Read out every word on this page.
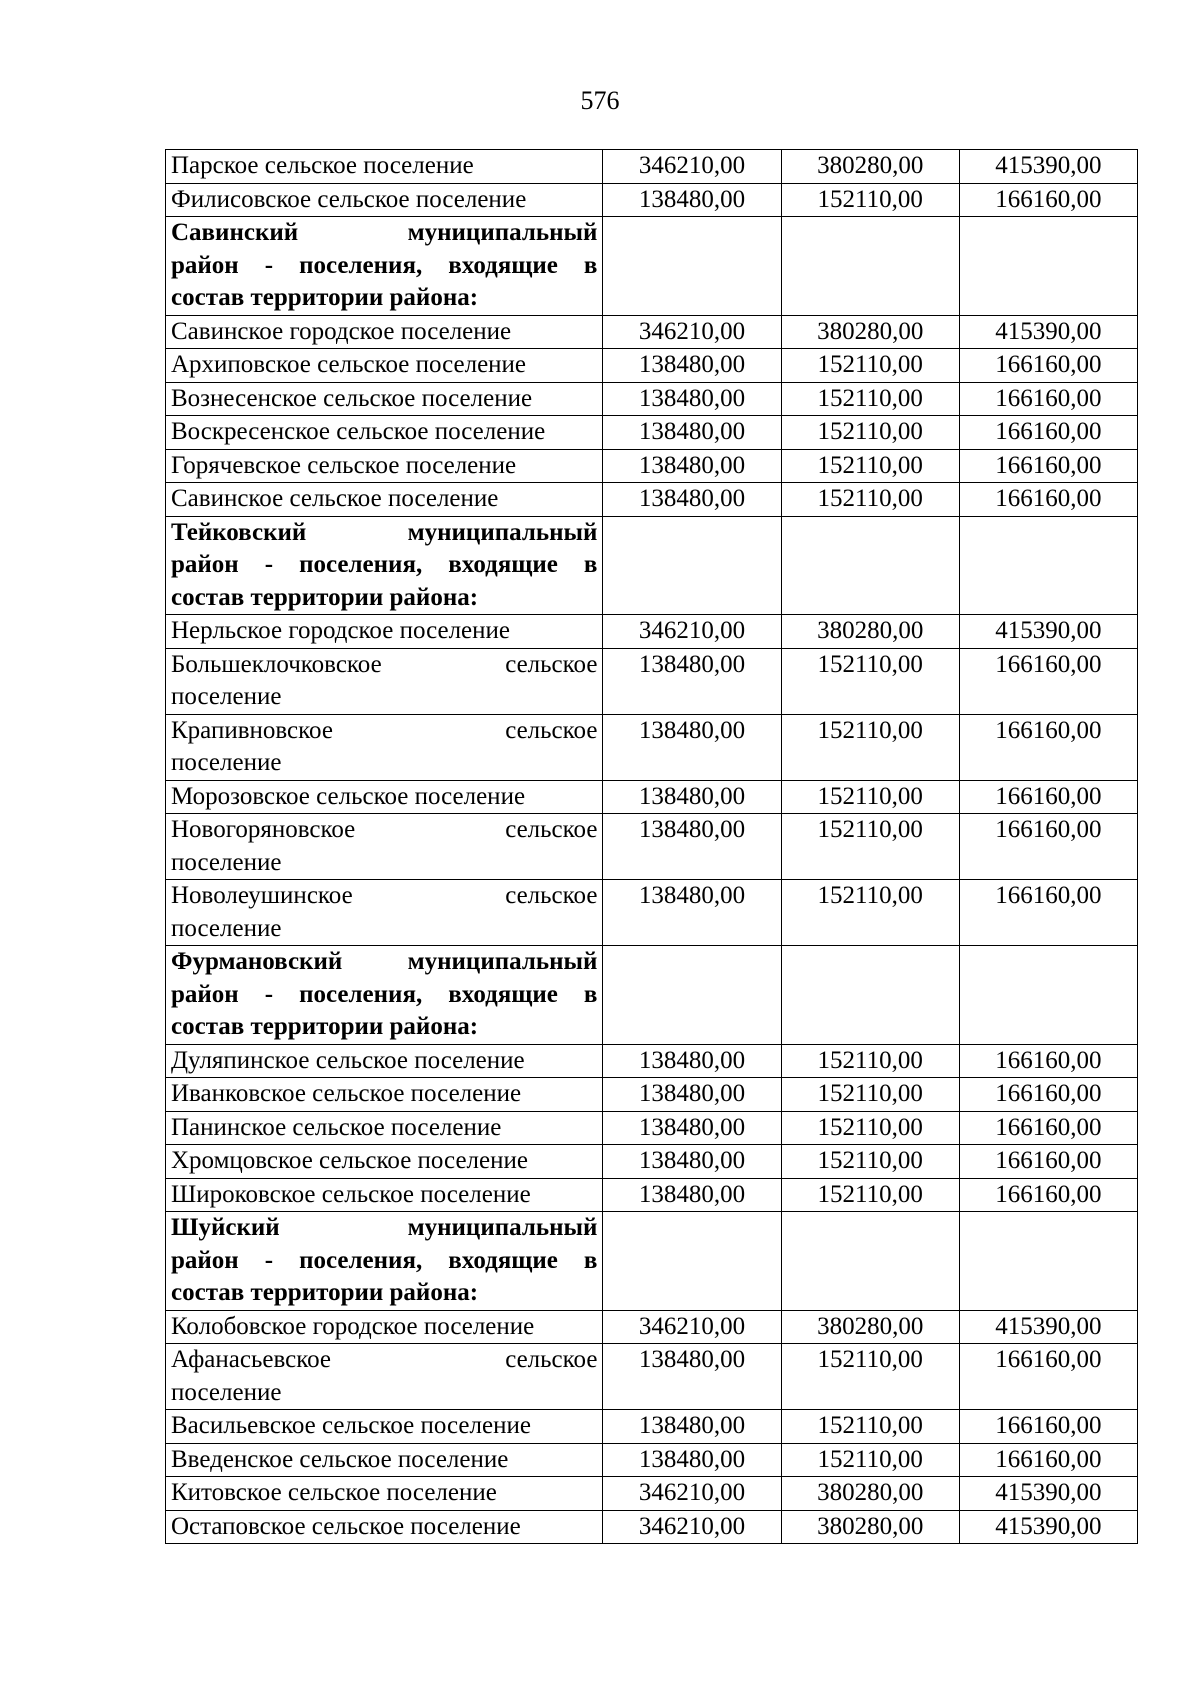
576
Парское сельское поселение	346210,00	380280,00	415390,00
Филисовское сельское поселение	138480,00	152110,00	166160,00

Савинский муниципальный
район - поселения, входящие в
состав территории района:			

Савинское городское поселение	346210,00	380280,00	415390,00
Архиповское сельское поселение	138480,00	152110,00	166160,00
Вознесенское сельское поселение	138480,00	152110,00	166160,00
Воскресенское сельское поселение	138480,00	152110,00	166160,00
Горячевское сельское поселение	138480,00	152110,00	166160,00
Савинское сельское поселение	138480,00	152110,00	166160,00

Тейковский муниципальный
район - поселения, входящие в
состав территории района:			

Нерльское городское поселение	346210,00	380280,00	415390,00

Большеклочковское сельское
поселение	138480,00	152110,00	166160,00

Крапивновское сельское
поселение	138480,00	152110,00	166160,00
Морозовское сельское поселение	138480,00	152110,00	166160,00

Новогоряновское сельское
поселение	138480,00	152110,00	166160,00

Новолеушинское сельское
поселение	138480,00	152110,00	166160,00

Фурмановский муниципальный
район - поселения, входящие в
состав территории района:			

Дуляпинское сельское поселение	138480,00	152110,00	166160,00
Иванковское сельское поселение	138480,00	152110,00	166160,00
Панинское сельское поселение	138480,00	152110,00	166160,00
Хромцовское сельское поселение	138480,00	152110,00	166160,00
Широковское сельское поселение	138480,00	152110,00	166160,00

Шуйский муниципальный
район - поселения, входящие в
состав территории района:			

Колобовское городское поселение	346210,00	380280,00	415390,00

Афанасьевское сельское
поселение	138480,00	152110,00	166160,00
Васильевское сельское поселение	138480,00	152110,00	166160,00
Введенское сельское поселение	138480,00	152110,00	166160,00
Китовское сельское поселение	346210,00	380280,00	415390,00
Остаповское сельское поселение	346210,00	380280,00	415390,00
